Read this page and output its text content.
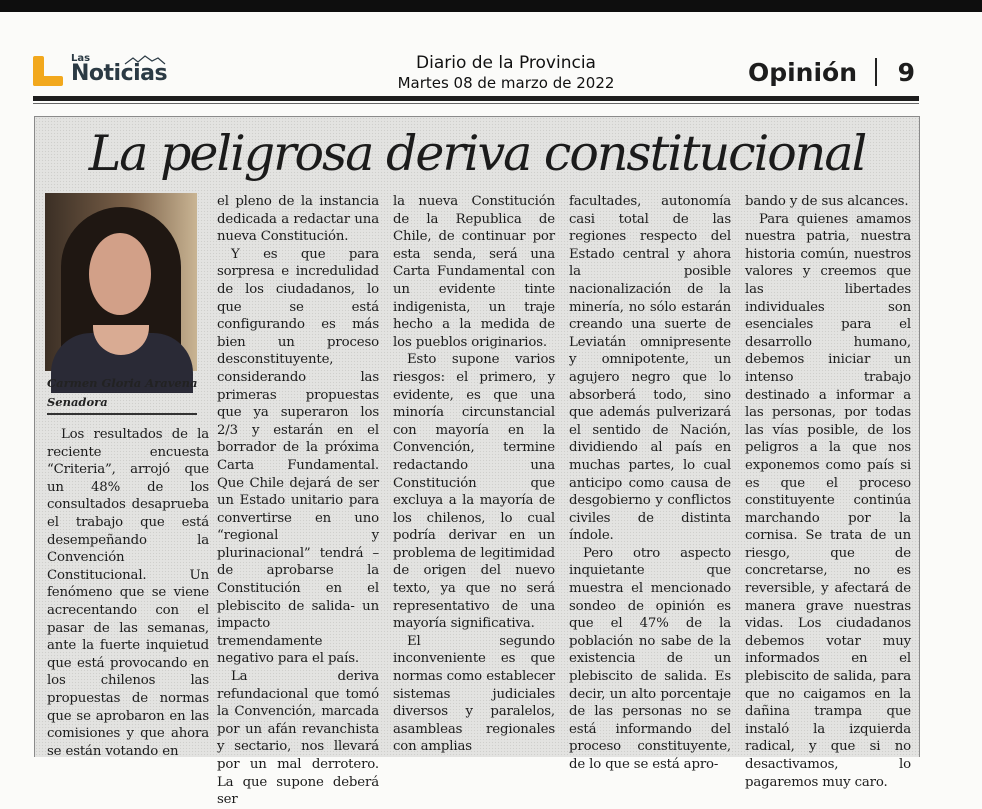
Las
Noticias	Diario de la Provincia
Martes 08 de marzo de 2022	Opinión 9
La peligrosa deriva constitucional
Carmen Gloria Aravena
Senadora

Los resultados de la reciente encuesta “Criteria”, arrojó que un 48% de los consultados desaprueba el trabajo que está desempeñando la Convención Constitucional. Un fenómeno que se viene acrecentando con el pasar de las semanas, ante la fuerte inquietud que está provocando en los chilenos las propuestas de normas que se aprobaron en las comisiones y que ahora se están votando en

el pleno de la instancia dedicada a redactar una nueva Constitución.

Y es que para sorpresa e incredulidad de los ciudadanos, lo que se está configurando es más bien un proceso desconstituyente, considerando las primeras propuestas que ya superaron los 2/3 y estarán en el borrador de la próxima Carta Fundamental. Que Chile dejará de ser un Estado unitario para convertirse en uno “regional y plurinacional” tendrá – de aprobarse la Constitución en el plebiscito de salida- un impacto tremendamente negativo para el país.

La deriva refundacional que tomó la Convención, marcada por un afán revanchista y sectario, nos llevará por un mal derrotero. La que supone deberá ser

la nueva Constitución de la Republica de Chile, de continuar por esta senda, será una Carta Fundamental con un evidente tinte indigenista, un traje hecho a la medida de los pueblos originarios.

Esto supone varios riesgos: el primero, y evidente, es que una minoría circunstancial con mayoría en la Convención, termine redactando una Constitución que excluya a la mayoría de los chilenos, lo cual podría derivar en un problema de legitimidad de origen del nuevo texto, ya que no será representativo de una mayoría significativa.

El segundo inconveniente es que normas como establecer sistemas judiciales diversos y paralelos, asambleas regionales con amplias

facultades, autonomía casi total de las regiones respecto del Estado central y ahora la posible nacionalización de la minería, no sólo estarán creando una suerte de Leviatán omnipresente y omnipotente, un agujero negro que lo absorberá todo, sino que además pulverizará el sentido de Nación, dividiendo al país en muchas partes, lo cual anticipo como causa de desgobierno y conflictos civiles de distinta índole.

Pero otro aspecto inquietante que muestra el mencionado sondeo de opinión es que el 47% de la población no sabe de la existencia de un plebiscito de salida. Es decir, un alto porcentaje de las personas no se está informando del proceso constituyente, de lo que se está apro-

bando y de sus alcances.

Para quienes amamos nuestra patria, nuestra historia común, nuestros valores y creemos que las libertades individuales son esenciales para el desarrollo humano, debemos iniciar un intenso trabajo destinado a informar a las personas, por todas las vías posible, de los peligros a la que nos exponemos como país si es que el proceso constituyente continúa marchando por la cornisa. Se trata de un riesgo, que de concretarse, no es reversible, y afectará de manera grave nuestras vidas. Los ciudadanos debemos votar muy informados en el plebiscito de salida, para que no caigamos en la dañina trampa que instaló la izquierda radical, y que si no desactivamos, lo pagaremos muy caro.
